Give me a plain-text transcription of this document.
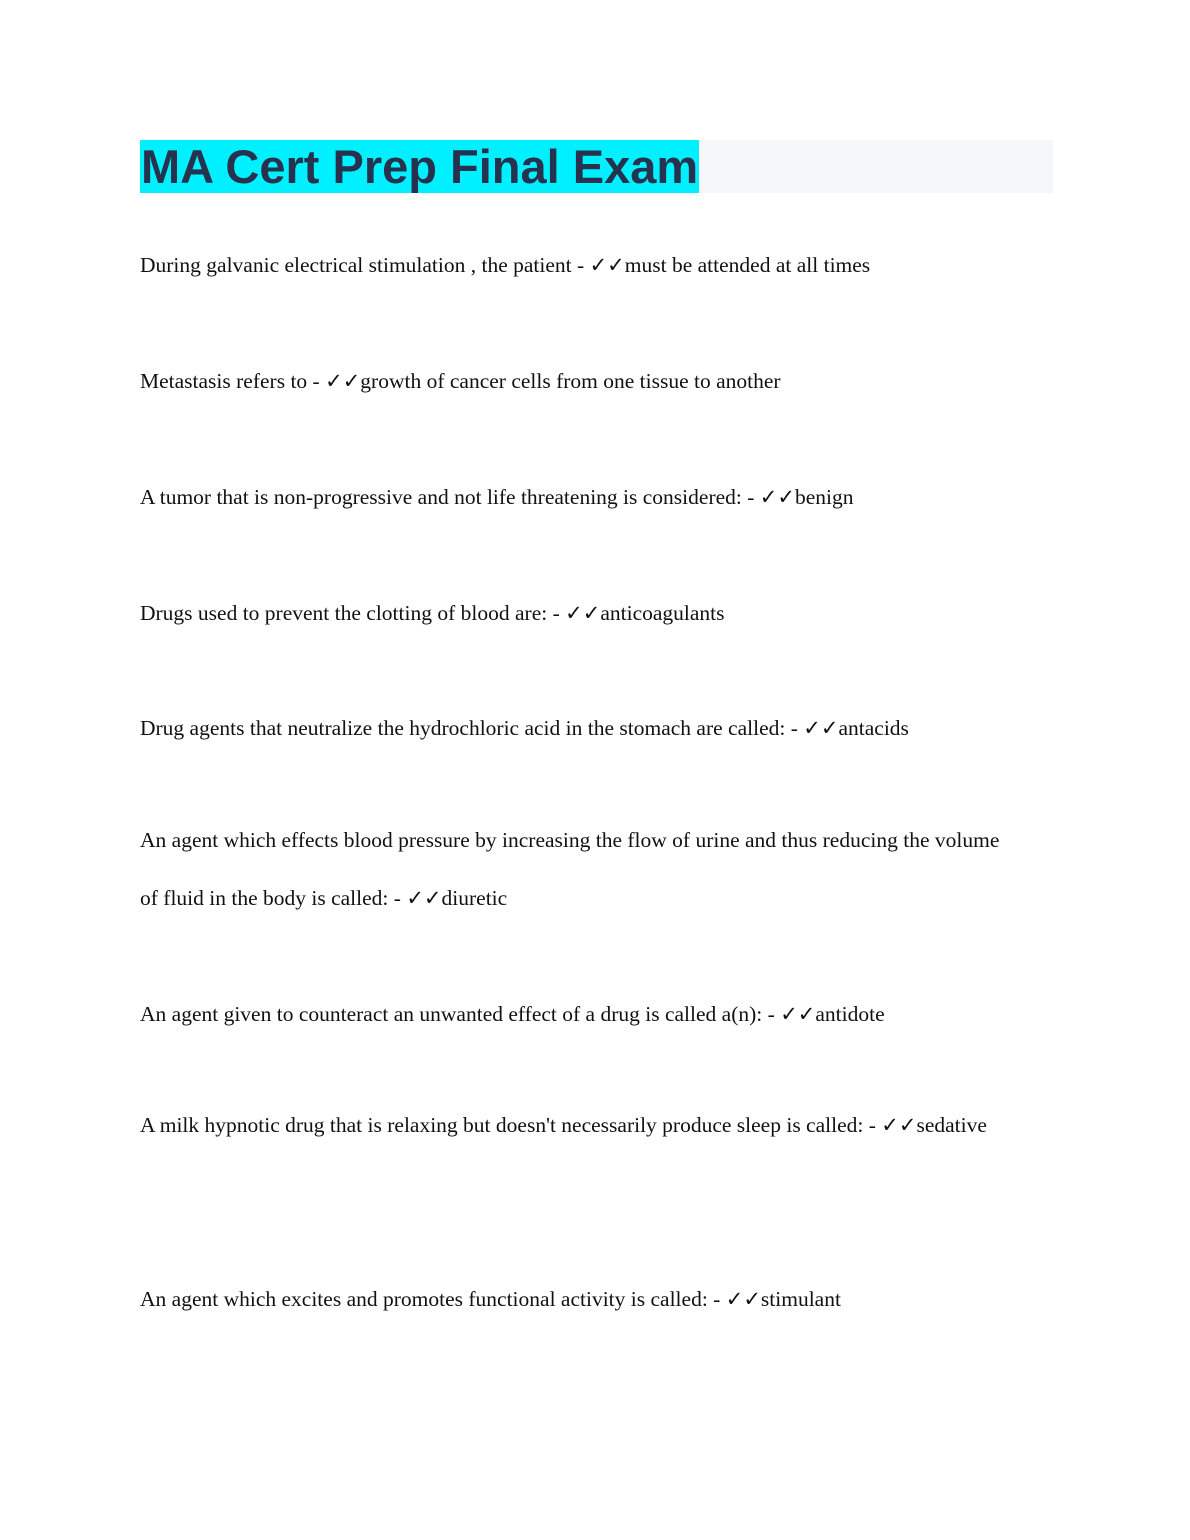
MA Cert Prep Final Exam

During galvanic electrical stimulation , the patient - ✓✓must be attended at all times

Metastasis refers to - ✓✓growth of cancer cells from one tissue to another

A tumor that is non-progressive and not life threatening is considered: - ✓✓benign

Drugs used to prevent the clotting of blood are: - ✓✓anticoagulants

Drug agents that neutralize the hydrochloric acid in the stomach are called: - ✓✓antacids

An agent which effects blood pressure by increasing the flow of urine and thus reducing the volume of fluid in the body is called: - ✓✓diuretic

An agent given to counteract an unwanted effect of a drug is called a(n): - ✓✓antidote

A milk hypnotic drug that is relaxing but doesn't necessarily produce sleep is called: - ✓✓sedative

An agent which excites and promotes functional activity is called: - ✓✓stimulant
